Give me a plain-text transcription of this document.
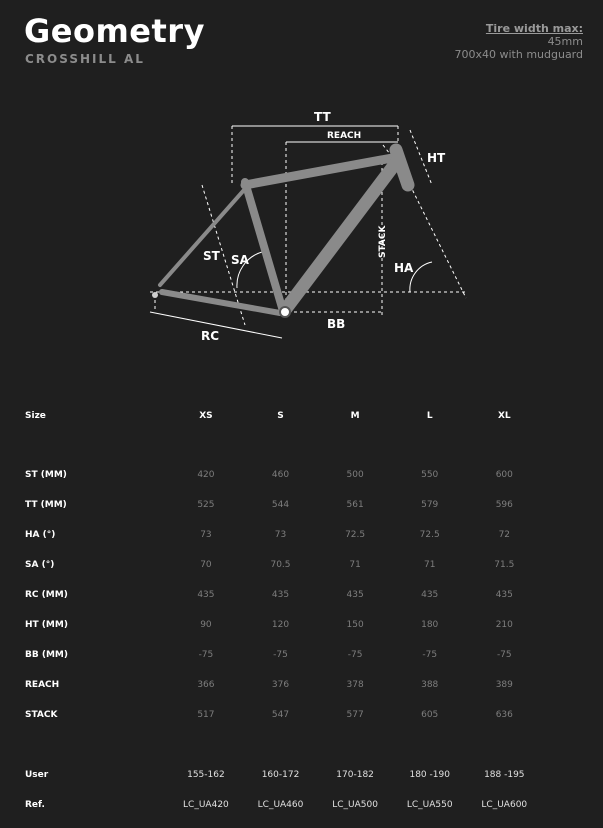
Geometry
CROSSHILL AL
Tire width max:
45mm
700x40 with mudguard
TT
REACH
HT
ST SA
STACK
HA
BB
RC
Size	XS	S	M	L	XL	

ST (MM)	420	460	500	550	600	
TT (MM)	525	544	561	579	596	
HA (°)	73	73	72.5	72.5	72	
SA (°)	70	70.5	71	71	71.5	
RC (MM)	435	435	435	435	435	
HT (MM)	90	120	150	180	210	
BB (MM)	-75	-75	-75	-75	-75	
REACH	366	376	378	388	389	
STACK	517	547	577	605	636	

User	155-162	160-172	170-182	180 -190	188 -195	
Ref.	LC_UA420	LC_UA460	LC_UA500	LC_UA550	LC_UA600	
